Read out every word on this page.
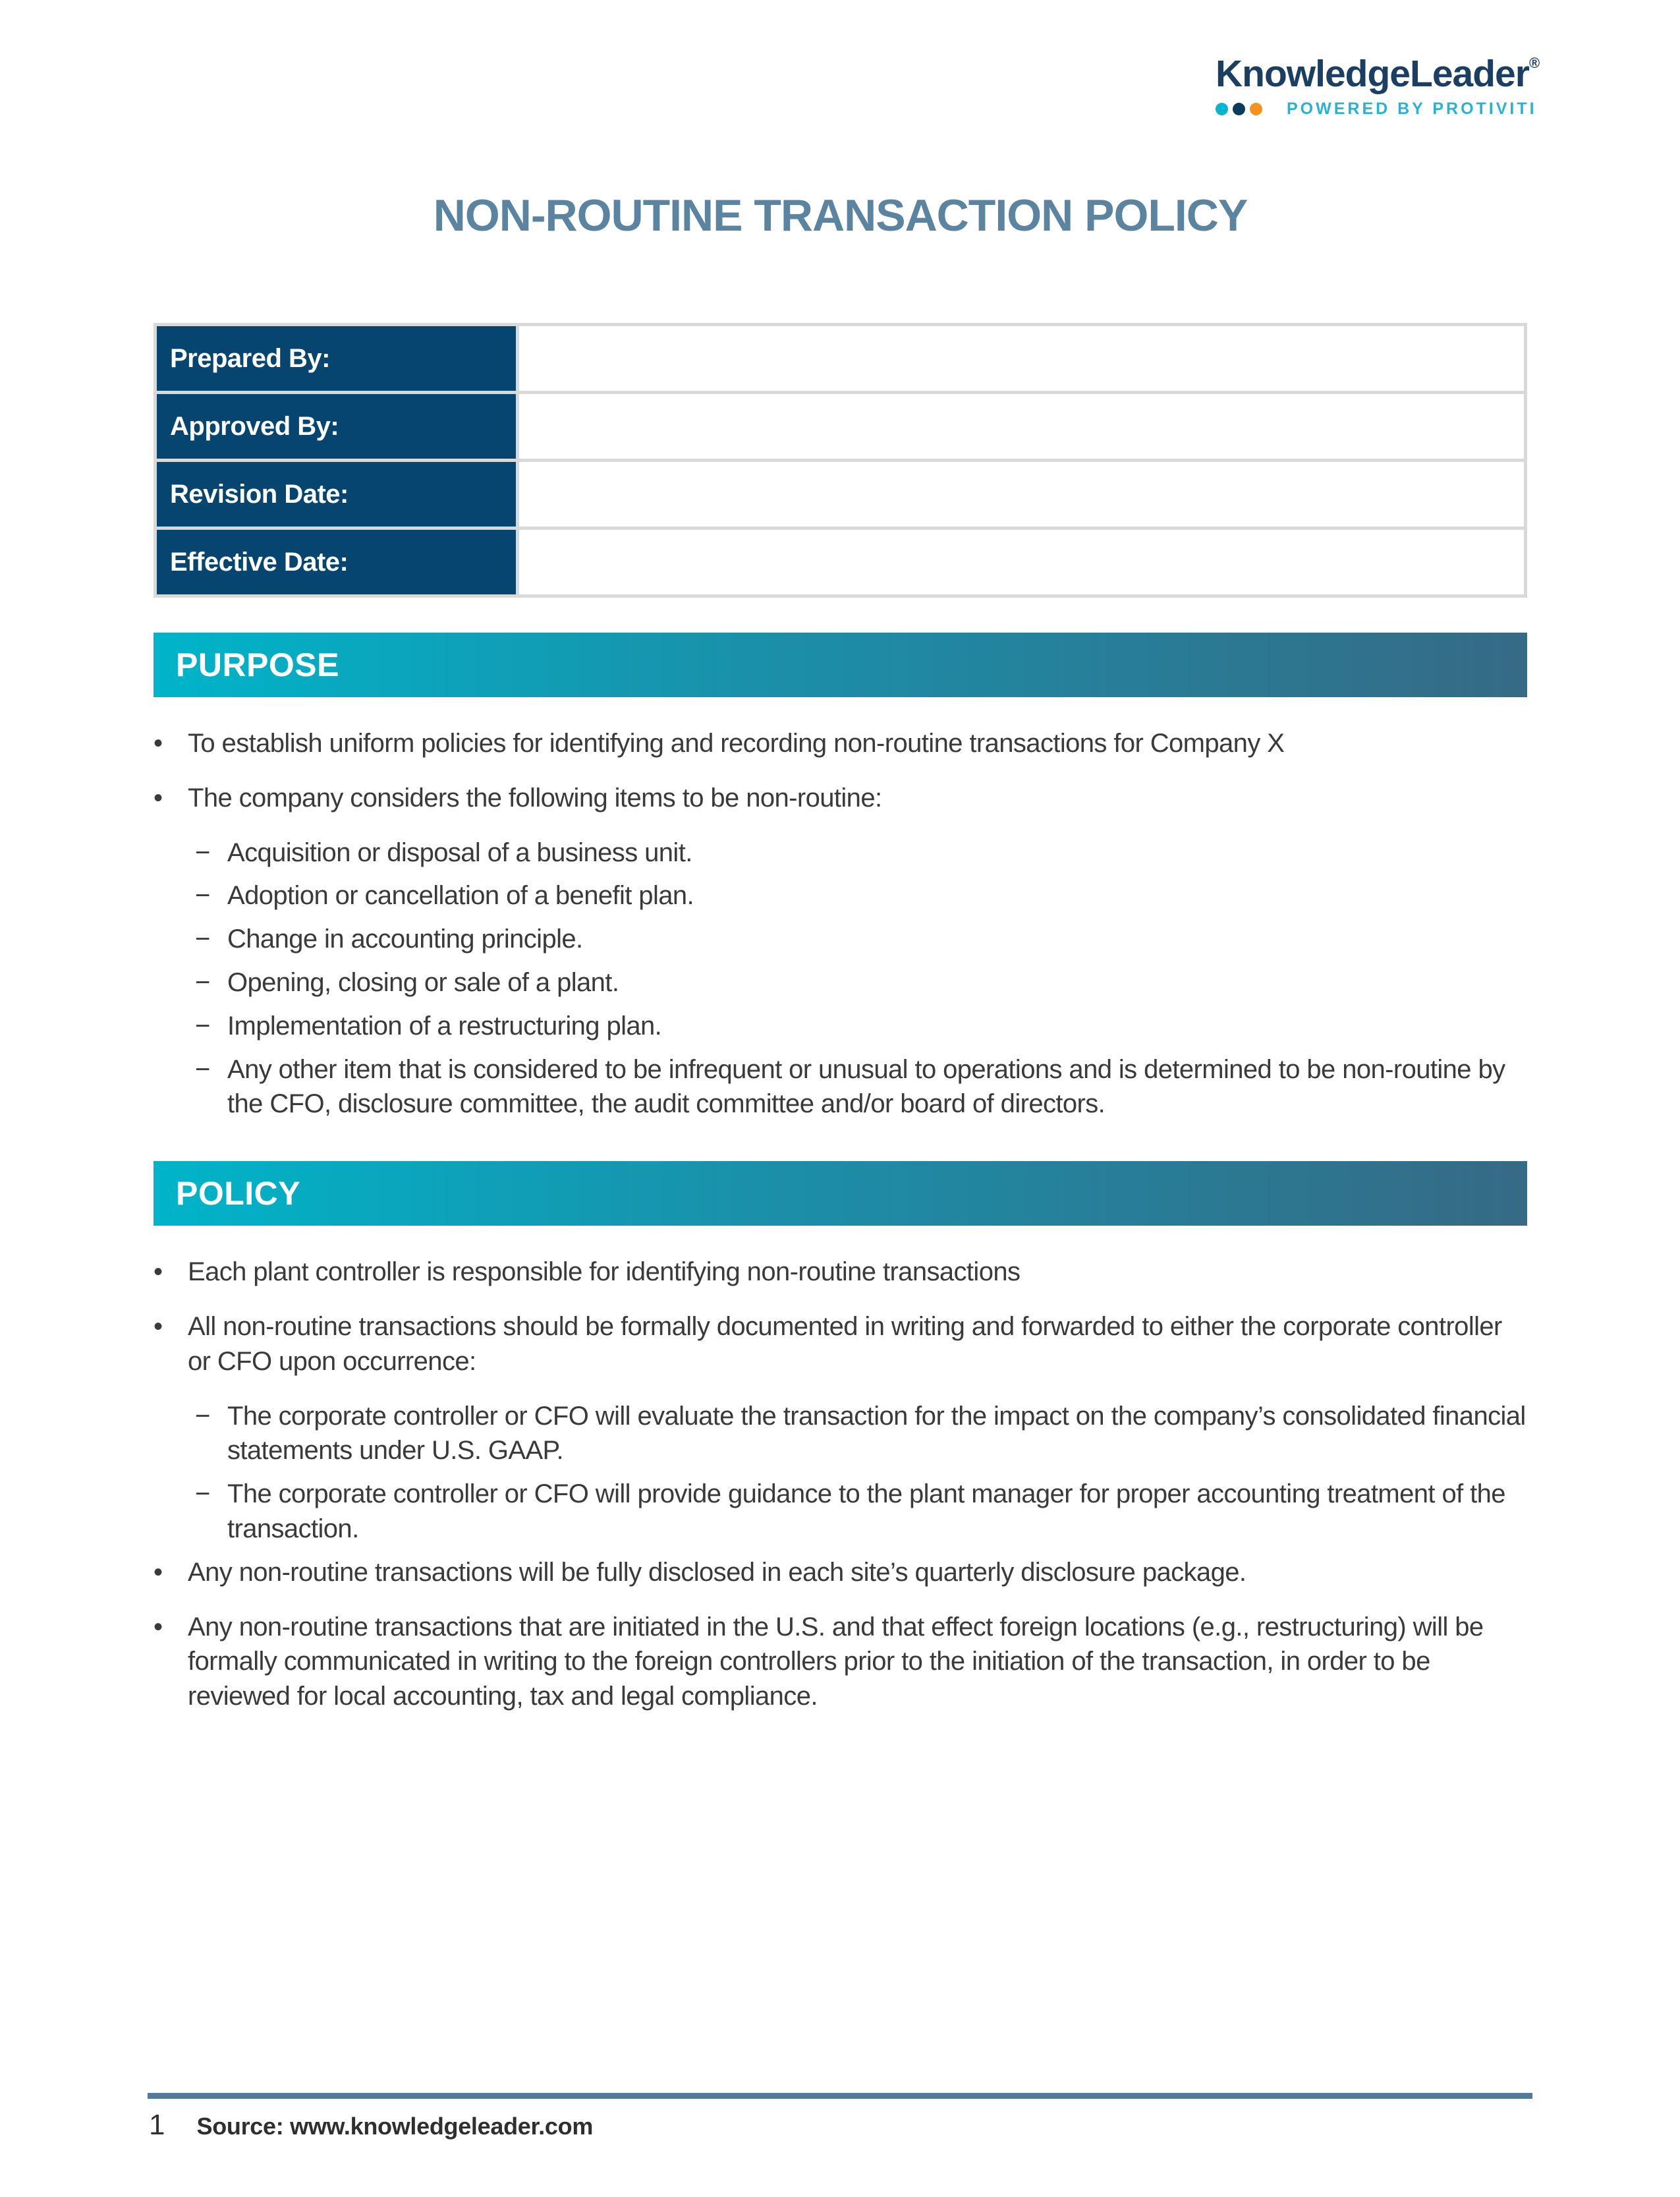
KnowledgeLeader®
POWERED BY PROTIVITI
NON-ROUTINE TRANSACTION POLICY
Prepared By:	
Approved By:	
Revision Date:	
Effective Date:	
PURPOSE
• To establish uniform policies for identifying and recording non-routine transactions for Company X
• The company considers the following items to be non-routine:
− Acquisition or disposal of a business unit.
− Adoption or cancellation of a benefit plan.
− Change in accounting principle.
− Opening, closing or sale of a plant.
− Implementation of a restructuring plan.
− Any other item that is considered to be infrequent or unusual to operations and is determined to be non-routine by the CFO, disclosure committee, the audit committee and/or board of directors.
POLICY
• Each plant controller is responsible for identifying non-routine transactions
• All non-routine transactions should be formally documented in writing and forwarded to either the corporate controller or CFO upon occurrence:
− The corporate controller or CFO will evaluate the transaction for the impact on the company’s consolidated financial statements under U.S. GAAP.
− The corporate controller or CFO will provide guidance to the plant manager for proper accounting treatment of the transaction.
• Any non-routine transactions will be fully disclosed in each site’s quarterly disclosure package.
• Any non-routine transactions that are initiated in the U.S. and that effect foreign locations (e.g., restructuring) will be formally communicated in writing to the foreign controllers prior to the initiation of the transaction, in order to be reviewed for local accounting, tax and legal compliance.
1 Source: www.knowledgeleader.com
